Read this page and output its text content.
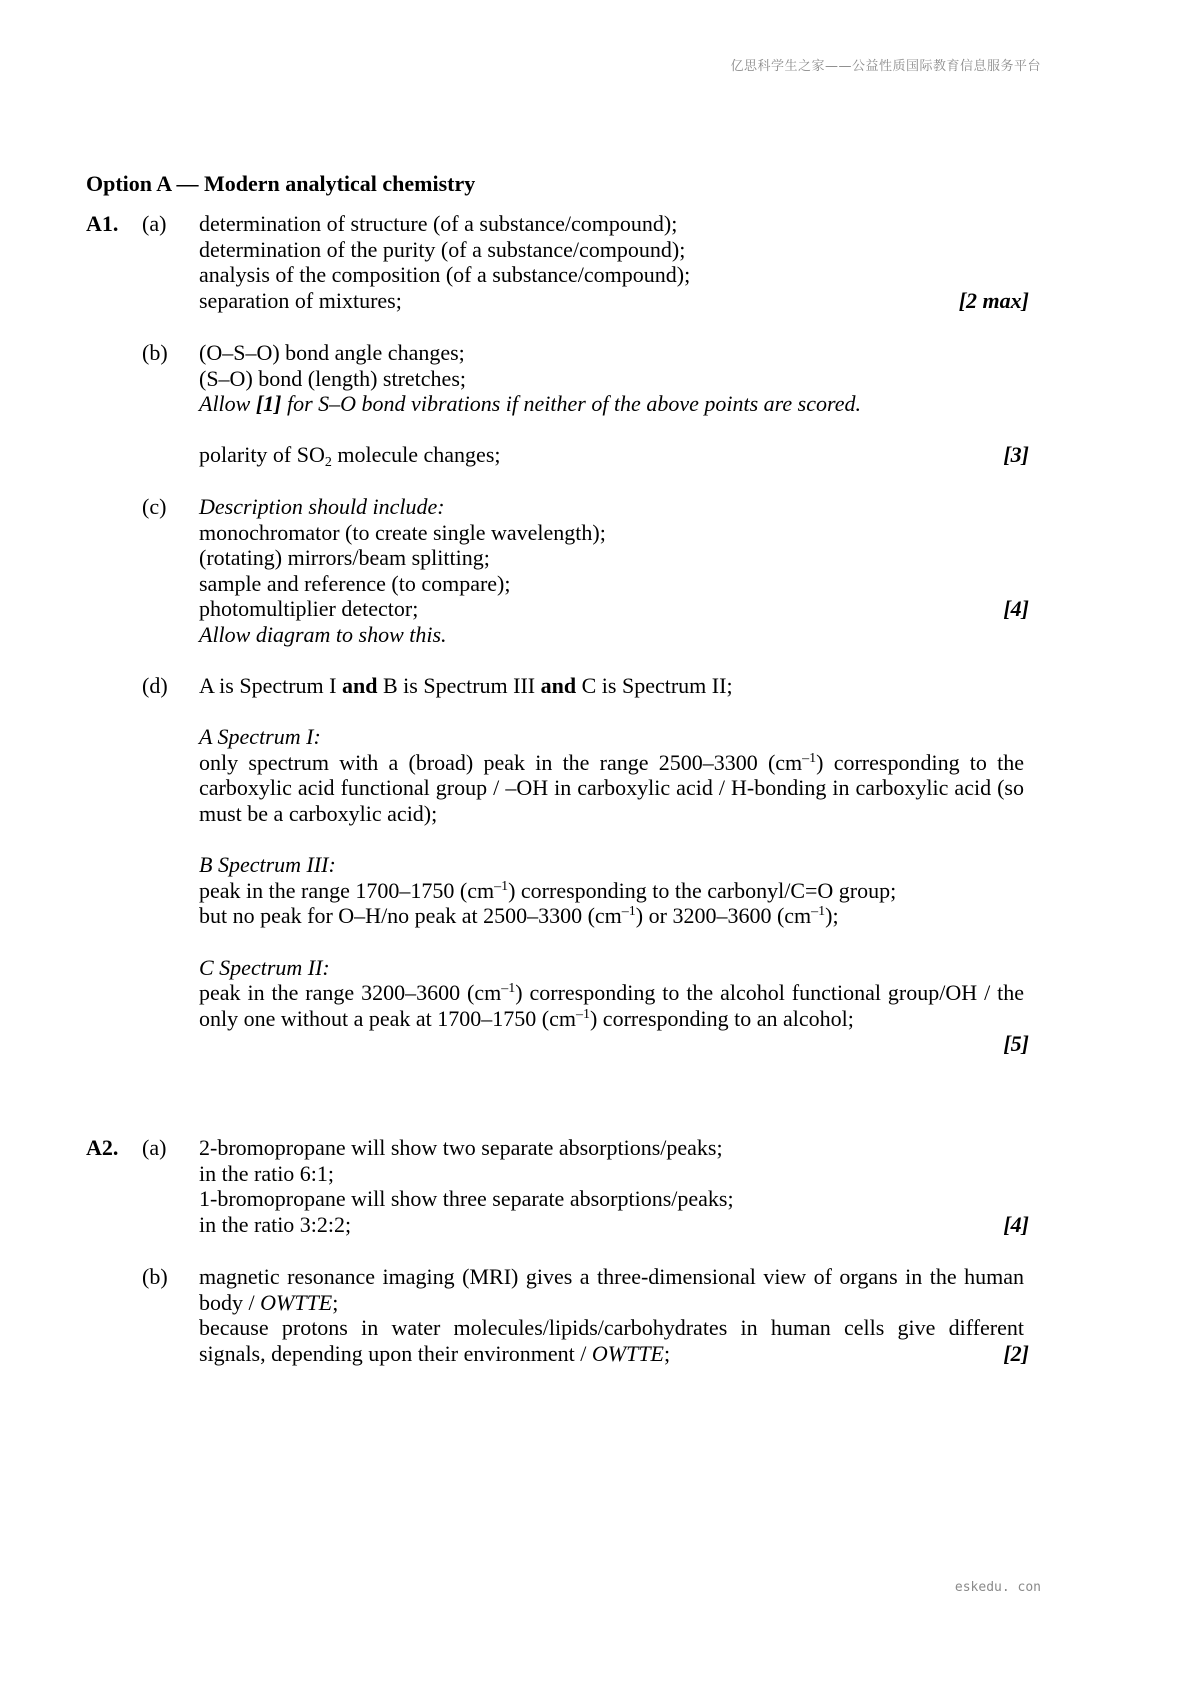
亿思科学生之家——公益性质国际教育信息服务平台
Option A — Modern analytical chemistry
A1. (a) determination of structure (of a substance/compound);
determination of the purity (of a substance/compound);
analysis of the composition (of a substance/compound);
separation of mixtures;	[2 max]
(b) (O–S–O) bond angle changes;
(S–O) bond (length) stretches;
Allow [1] for S–O bond vibrations if neither of the above points are scored.
polarity of $SO_2$ molecule changes;	[3]
(c) Description should include:
monochromator (to create single wavelength);
(rotating) mirrors/beam splitting;
sample and reference (to compare);
photomultiplier detector;
Allow diagram to show this.
[4]
(d) A is Spectrum I and B is Spectrum III and C is Spectrum II;
A Spectrum I:
only spectrum with a (broad) peak in the range 2500–3300 $(cm^{-1})$ corresponding to the carboxylic acid functional group / –OH in carboxylic acid / H-bonding in carboxylic acid (so must be a carboxylic acid);
B Spectrum III:
peak in the range 1700–1750 $(cm^{-1})$ corresponding to the carbonyl/C=O group;
but no peak for O–H/no peak at 2500–3300 $(cm^{-1})$ or 3200–3600 $(cm^{-1})$;
C Spectrum II:
peak in the range 3200–3600 $(cm^{-1})$ corresponding to the alcohol functional group/OH / the only one without a peak at 1700–1750 $(cm^{-1})$ corresponding to an alcohol;
[5]
A2. (a) 2-bromopropane will show two separate absorptions/peaks;
in the ratio 6:1;
1-bromopropane will show three separate absorptions/peaks;
in the ratio 3:2:2;	[4]
(b) magnetic resonance imaging (MRI) gives a three-dimensional view of organs in the human body / OWTTE;
because protons in water molecules/lipids/carbohydrates in human cells give different signals, depending upon their environment / OWTTE;	[2]
eskedu. con
